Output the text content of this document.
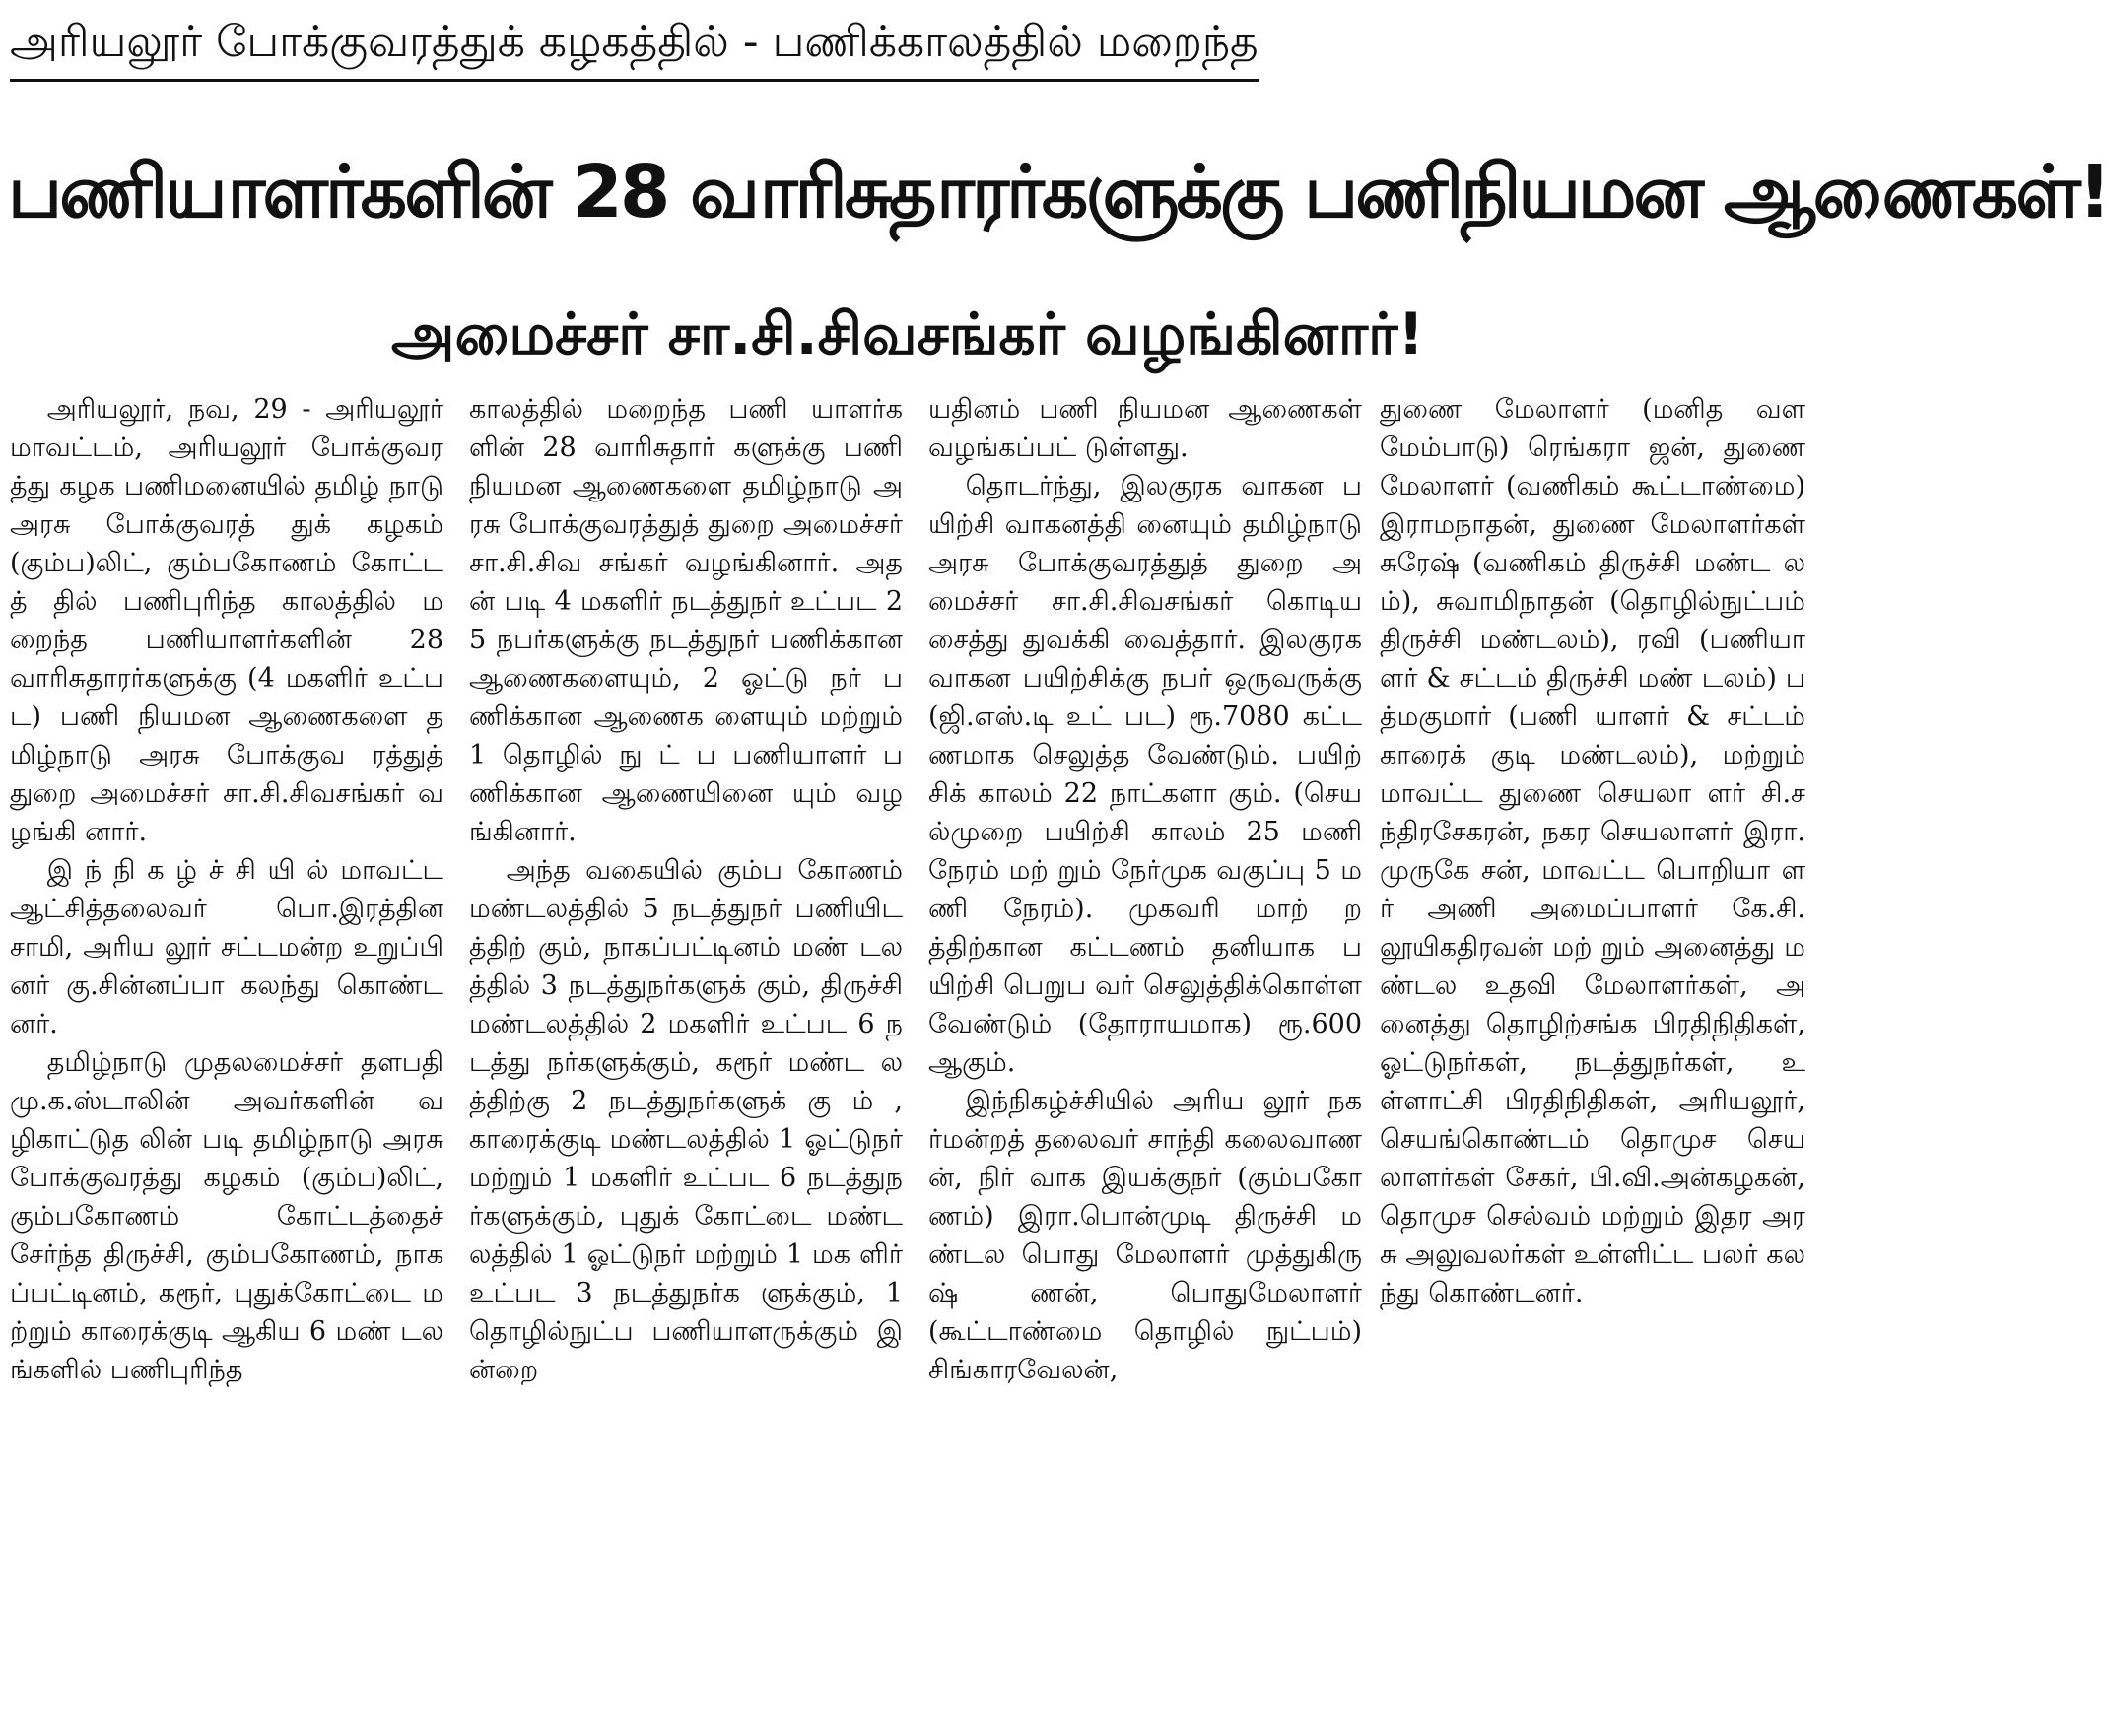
அரியலூர் போக்குவரத்துக் கழகத்தில் - பணிக்காலத்தில் மறைந்த
பணியாளர்களின் 28 வாரிசுதாரர்களுக்கு பணிநியமன ஆணைகள்!
அமைச்சர் சா.சி.சிவசங்கர் வழங்கினார்!

அரியலூர், நவ, 29 - அரியலூர் மாவட்டம், அரியலூர் போக்குவரத்து கழக பணிமனையில் தமிழ் நாடு அரசு போக்குவரத் துக் கழகம் (கும்ப)லிட், கும்பகோணம் கோட்டத் தில் பணிபுரிந்த காலத்தில் மறைந்த பணியாளர்களின் 28 வாரிசுதாரர்களுக்கு (4 மகளிர் உட்பட) பணி நியமன ஆணைகளை தமிழ்நாடு அரசு போக்குவ ரத்துத் துறை அமைச்சர் சா.சி.சிவசங்கர் வழங்கி னார்.

இ ந் நி க ழ் ச் சி யி ல் மாவட்ட ஆட்சித்தலைவர் பொ.இரத்தினசாமி, அரிய லூர் சட்டமன்ற உறுப்பி னர் கு.சின்னப்பா கலந்து கொண்டனர்.

தமிழ்நாடு முதலமைச்சர் தளபதி மு.க.ஸ்டாலின் அவர்களின் வழிகாட்டுத லின் படி தமிழ்நாடு அரசு போக்குவரத்து கழகம் (கும்ப)லிட், கும்பகோணம் கோட்டத்தைச் சேர்ந்த திருச்சி, கும்பகோணம், நாகப்பட்டினம், கரூர், புதுக்கோட்டை மற்றும் காரைக்குடி ஆகிய 6 மண் டலங்களில் பணிபுரிந்த

காலத்தில் மறைந்த பணி யாளர்களின் 28 வாரிசுதார் களுக்கு பணி நியமன ஆணைகளை தமிழ்நாடு அரசு போக்குவரத்துத் துறை அமைச்சர் சா.சி.சிவ சங்கர் வழங்கினார். அதன் படி 4 மகளிர் நடத்துநர் உட்பட 25 நபர்களுக்கு நடத்துநர் பணிக்கான ஆணைகளையும், 2 ஓட்டு நர் பணிக்கான ஆணைக ளையும் மற்றும் 1 தொழில் நு ட் ப பணியாளர் பணிக்கான ஆணையினை யும் வழங்கினார்.

அந்த வகையில் கும்ப கோணம் மண்டலத்தில் 5 நடத்துநர் பணியிடத்திற் கும், நாகப்பட்டினம் மண் டலத்தில் 3 நடத்துநர்களுக் கும், திருச்சி மண்டலத்தில் 2 மகளிர் உட்பட 6 நடத்து நர்களுக்கும், கரூர் மண்ட லத்திற்கு 2 நடத்துநர்களுக் கு ம் , காரைக்குடி மண்டலத்தில் 1 ஓட்டுநர் மற்றும் 1 மகளிர் உட்பட 6 நடத்துநர்களுக்கும், புதுக் கோட்டை மண்டலத்தில் 1 ஓட்டுநர் மற்றும் 1 மக ளிர் உட்பட 3 நடத்துநர்க ளுக்கும், 1 தொழில்நுட்ப பணியாளருக்கும் இன்றை

யதினம் பணி நியமன ஆணைகள் வழங்கப்பட் டுள்ளது.

தொடர்ந்து, இலகுரக வாகன பயிற்சி வாகனத்தி னையும் தமிழ்நாடு அரசு போக்குவரத்துத் துறை அமைச்சர் சா.சி.சிவசங்கர் கொடியசைத்து துவக்கி வைத்தார். இலகுரக வாகன பயிற்சிக்கு நபர் ஒருவருக்கு (ஜி.எஸ்.டி உட் பட) ரூ.7080 கட்டணமாக செலுத்த வேண்டும். பயிற் சிக் காலம் 22 நாட்களா கும். (செயல்முறை பயிற்சி காலம் 25 மணி நேரம் மற் றும் நேர்முக வகுப்பு 5 மணி நேரம்). முகவரி மாற் றத்திற்கான கட்டணம் தனியாக பயிற்சி பெறுப வர் செலுத்திக்கொள்ள வேண்டும் (தோராயமாக) ரூ.600 ஆகும்.

இந்நிகழ்ச்சியில் அரிய லூர் நகர்மன்றத் தலைவர் சாந்தி கலைவாணன், நிர் வாக இயக்குநர் (கும்பகோ ணம்) இரா.பொன்முடி திருச்சி மண்டல பொது மேலாளர் முத்துகிரு ஷ் ணன், பொதுமேலாளர் (கூட்டாண்மை தொழில் நுட்பம்) சிங்காரவேலன்,

துணை மேலாளர் (மனித வள மேம்பாடு) ரெங்கரா ஜன், துணை மேலாளர் (வணிகம் கூட்டாண்மை) இராமநாதன், துணை மேலாளர்கள் சுரேஷ் (வணிகம் திருச்சி மண்ட லம்), சுவாமிநாதன் (தொழில்நுட்பம் திருச்சி மண்டலம்), ரவி (பணியா ளர் & சட்டம் திருச்சி மண் டலம்) பத்மகுமார் (பணி யாளர் & சட்டம் காரைக் குடி மண்டலம்), மற்றும் மாவட்ட துணை செயலா ளர் சி.சந்திரசேகரன், நகர செயலாளர் இரா.முருகே சன், மாவட்ட பொறியா ளர் அணி அமைப்பாளர் கே.சி.லூயிகதிரவன் மற் றும் அனைத்து மண்டல உதவி மேலாளர்கள், அனைத்து தொழிற்சங்க பிரதிநிதிகள், ஓட்டுநர்கள், நடத்துநர்கள், உள்ளாட்சி பிரதிநிதிகள், அரியலூர், செயங்கொண்டம் தொமுச செயலாளர்கள் சேகர், பி.வி.அன்கழகன், தொமுச செல்வம் மற்றும் இதர அரசு அலுவலர்கள் உள்ளிட்ட பலர் கலந்து கொண்டனர்.
